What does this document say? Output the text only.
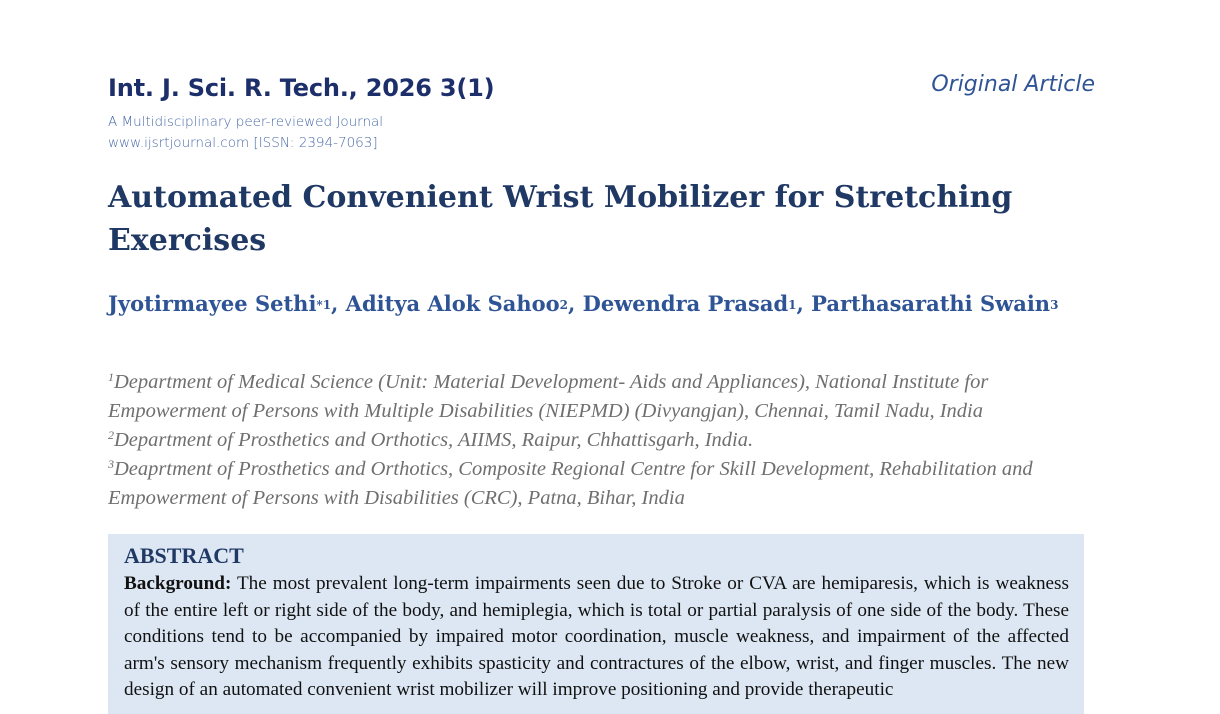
Int. J. Sci. R. Tech., 2026 3(1)
A Multidisciplinary peer-reviewed Journal
www.ijsrtjournal.com [ISSN: 2394-7063]
Original Article
Automated Convenient Wrist Mobilizer for Stretching Exercises
Jyotirmayee Sethi$^{*1}$, Aditya Alok Sahoo$^2$, Dewendra Prasad$^1$, Parthasarathi Swain$^3$
$^1$Department of Medical Science (Unit: Material Development- Aids and Appliances), National Institute for Empowerment of Persons with Multiple Disabilities (NIEPMD) (Divyangjan), Chennai, Tamil Nadu, India
$^2$Department of Prosthetics and Orthotics, AIIMS, Raipur, Chhattisgarh, India.
$^3$Deaprtment of Prosthetics and Orthotics, Composite Regional Centre for Skill Development, Rehabilitation and Empowerment of Persons with Disabilities (CRC), Patna, Bihar, India
ABSTRACT
Background: The most prevalent long-term impairments seen due to Stroke or CVA are hemiparesis, which is weakness of the entire left or right side of the body, and hemiplegia, which is total or partial paralysis of one side of the body. These conditions tend to be accompanied by impaired motor coordination, muscle weakness, and impairment of the affected arm's sensory mechanism frequently exhibits spasticity and contractures of the elbow, wrist, and finger muscles. The new design of an automated convenient wrist mobilizer will improve positioning and provide therapeutic
